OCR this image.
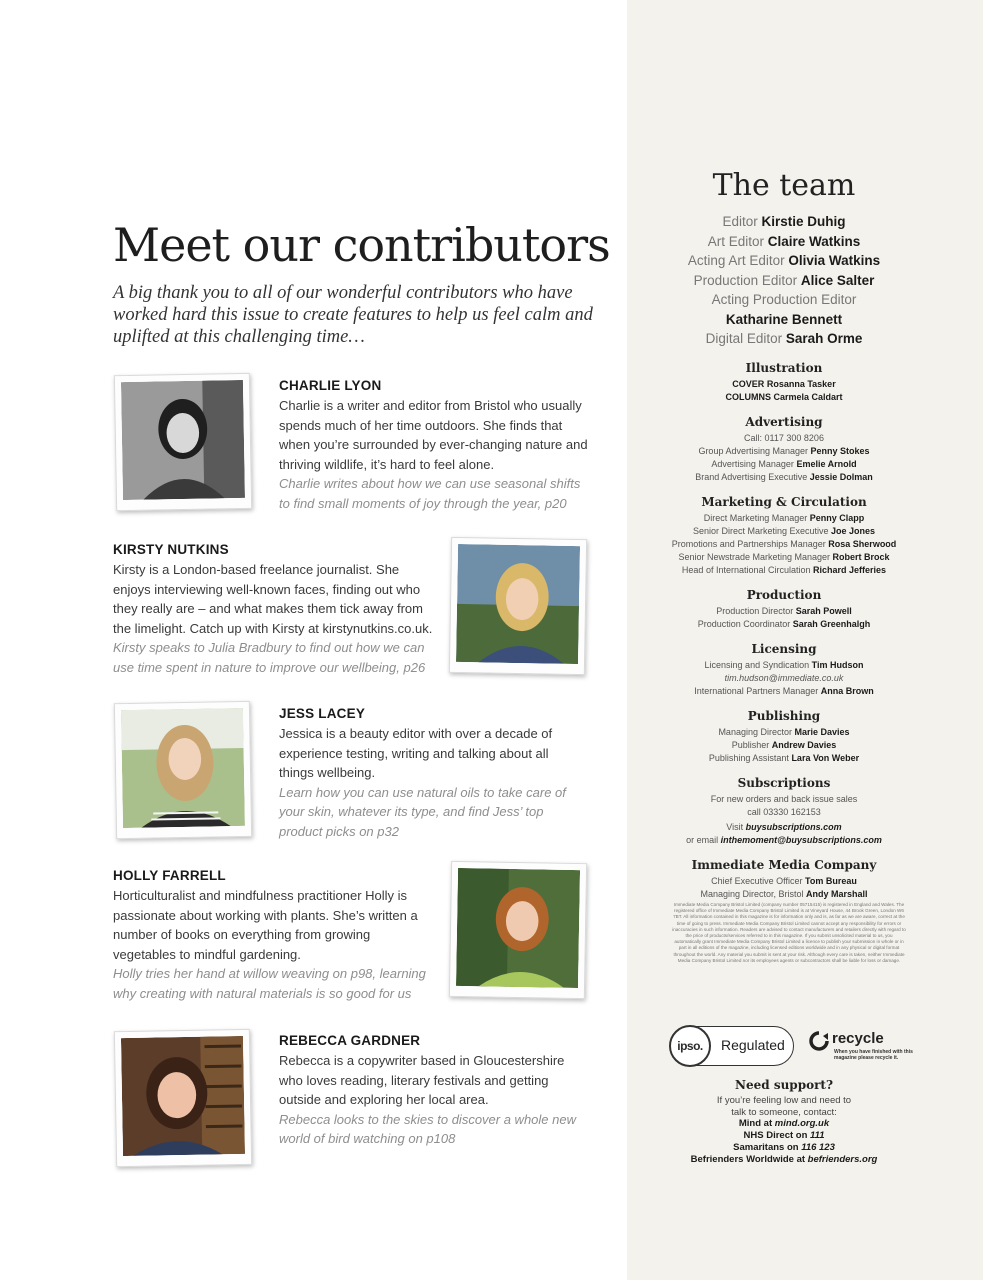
Meet our contributors

A big thank you to all of our wonderful contributors who have worked hard this issue to create features to help us feel calm and uplifted at this challenging time…

CHARLIE LYON

Charlie is a writer and editor from Bristol who usually spends much of her time outdoors. She finds that when you’re surrounded by ever-changing nature and thriving wildlife, it’s hard to feel alone.

Charlie writes about how we can use seasonal shifts to find small moments of joy through the year, p20

KIRSTY NUTKINS

Kirsty is a London-based freelance journalist. She enjoys interviewing well-known faces, finding out who they really are – and what makes them tick away from the limelight. Catch up with Kirsty at kirstynutkins.co.uk.

Kirsty speaks to Julia Bradbury to find out how we can use time spent in nature to improve our wellbeing, p26

JESS LACEY

Jessica is a beauty editor with over a decade of experience testing, writing and talking about all things wellbeing.

Learn how you can use natural oils to take care of your skin, whatever its type, and find Jess’ top product picks on p32

HOLLY FARRELL

Horticulturalist and mindfulness practitioner Holly is passionate about working with plants. She’s written a number of books on everything from growing vegetables to mindful gardening.

Holly tries her hand at willow weaving on p98, learning why creating with natural materials is so good for us

REBECCA GARDNER

Rebecca is a copywriter based in Gloucestershire who loves reading, literary festivals and getting outside and exploring her local area.

Rebecca looks to the skies to discover a whole new world of bird watching on p108

The team
Editor Kirstie Duhig
Art Editor Claire Watkins
Acting Art Editor Olivia Watkins
Production Editor Alice Salter
Acting Production Editor
Katharine Bennett
Digital Editor Sarah Orme
Illustration
COVER Rosanna Tasker
COLUMNS Carmela Caldart
Advertising
Call: 0117 300 8206
Group Advertising Manager Penny Stokes
Advertising Manager Emelie Arnold
Brand Advertising Executive Jessie Dolman
Marketing & Circulation
Direct Marketing Manager Penny Clapp
Senior Direct Marketing Executive Joe Jones
Promotions and Partnerships Manager Rosa Sherwood
Senior Newstrade Marketing Manager Robert Brock
Head of International Circulation Richard Jefferies
Production
Production Director Sarah Powell
Production Coordinator Sarah Greenhalgh
Licensing
Licensing and Syndication Tim Hudson
tim.hudson@immediate.co.uk
International Partners Manager Anna Brown
Publishing
Managing Director Marie Davies
Publisher Andrew Davies
Publishing Assistant Lara Von Weber
Subscriptions
For new orders and back issue sales
call 03330 162153
Visit buysubscriptions.com
or email inthemoment@buysubscriptions.com
Immediate Media Company
Chief Executive Officer Tom Bureau
Managing Director, Bristol Andy Marshall
Immediate Media Company Bristol Limited (company number 05715415) is registered in England and Wales. The registered office of Immediate Media Company Bristol Limited is at Vineyard House, 44 Brook Green, London W6 7BT. All information contained in this magazine is for information only and is, as far as we are aware, correct at the time of going to press. Immediate Media Company Bristol Limited cannot accept any responsibility for errors or inaccuracies in such information. Readers are advised to contact manufacturers and retailers directly with regard to the price of products/services referred to in this magazine. If you submit unsolicited material to us, you automatically grant Immediate Media Company Bristol Limited a licence to publish your submission in whole or in part in all editions of the magazine, including licensed editions worldwide and in any physical or digital format throughout the world. Any material you submit is sent at your risk. Although every care is taken, neither Immediate Media Company Bristol Limited nor its employees agents or subcontractors shall be liable for loss or damage.
ipso.	Regulated	recycle
When you have finished with this magazine please recycle it.
Need support?
If you’re feeling low and need to
talk to someone, contact:
Mind at mind.org.uk
NHS Direct on 111
Samaritans on 116 123
Befrienders Worldwide at befrienders.org
